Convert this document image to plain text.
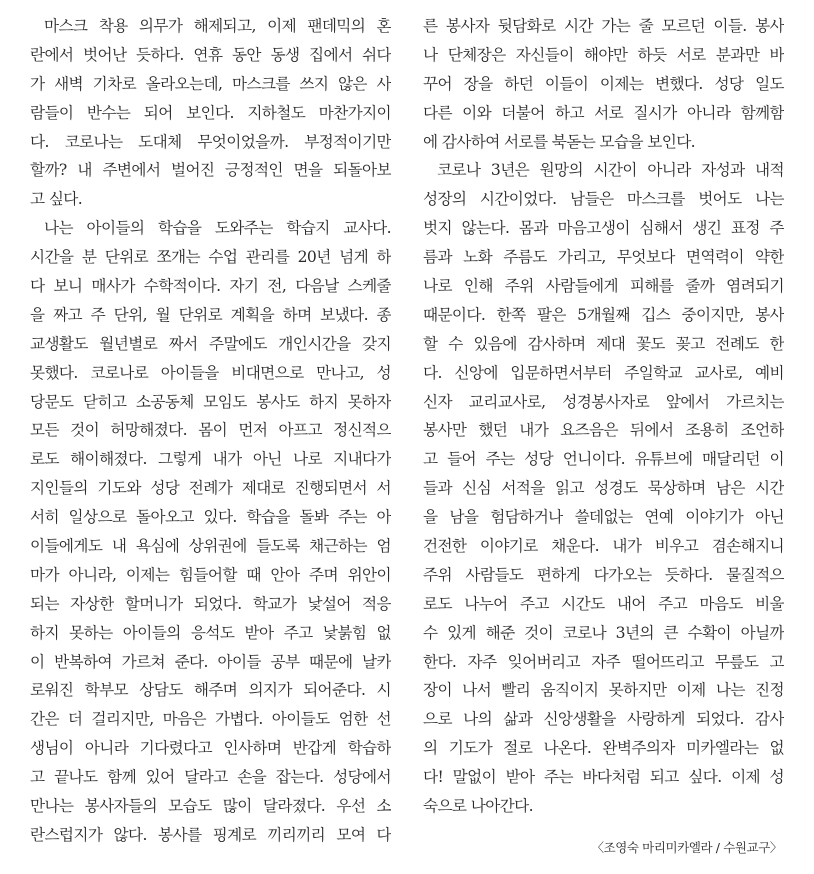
마스크 착용 의무가 해제되고, 이제 팬데믹의 혼
란에서 벗어난 듯하다. 연휴 동안 동생 집에서 쉬다
가 새벽 기차로 올라오는데, 마스크를 쓰지 않은 사
람들이 반수는 되어 보인다. 지하철도 마찬가지이
다. 코로나는 도대체 무엇이었을까. 부정적이기만
할까? 내 주변에서 벌어진 긍정적인 면을 되돌아보
고 싶다.
나는 아이들의 학습을 도와주는 학습지 교사다.
시간을 분 단위로 쪼개는 수업 관리를 20년 넘게 하
다 보니 매사가 수학적이다. 자기 전, 다음날 스케줄
을 짜고 주 단위, 월 단위로 계획을 하며 보냈다. 종
교생활도 월년별로 짜서 주말에도 개인시간을 갖지
못했다. 코로나로 아이들을 비대면으로 만나고, 성
당문도 닫히고 소공동체 모임도 봉사도 하지 못하자
모든 것이 허망해졌다. 몸이 먼저 아프고 정신적으
로도 해이해졌다. 그렇게 내가 아닌 나로 지내다가
지인들의 기도와 성당 전례가 제대로 진행되면서 서
서히 일상으로 돌아오고 있다. 학습을 돌봐 주는 아
이들에게도 내 욕심에 상위권에 들도록 채근하는 엄
마가 아니라, 이제는 힘들어할 때 안아 주며 위안이
되는 자상한 할머니가 되었다. 학교가 낯설어 적응
하지 못하는 아이들의 응석도 받아 주고 낯붉힘 없
이 반복하여 가르쳐 준다. 아이들 공부 때문에 날카
로워진 학부모 상담도 해주며 의지가 되어준다. 시
간은 더 걸리지만, 마음은 가볍다. 아이들도 엄한 선
생님이 아니라 기다렸다고 인사하며 반갑게 학습하
고 끝나도 함께 있어 달라고 손을 잡는다. 성당에서
만나는 봉사자들의 모습도 많이 달라졌다. 우선 소
란스럽지가 않다. 봉사를 핑계로 끼리끼리 모여 다
른 봉사자 뒷담화로 시간 가는 줄 모르던 이들. 봉사
나 단체장은 자신들이 해야만 하듯 서로 분과만 바
꾸어 장을 하던 이들이 이제는 변했다. 성당 일도
다른 이와 더불어 하고 서로 질시가 아니라 함께함
에 감사하여 서로를 북돋는 모습을 보인다.
코로나 3년은 원망의 시간이 아니라 자성과 내적
성장의 시간이었다. 남들은 마스크를 벗어도 나는
벗지 않는다. 몸과 마음고생이 심해서 생긴 표정 주
름과 노화 주름도 가리고, 무엇보다 면역력이 약한
나로 인해 주위 사람들에게 피해를 줄까 염려되기
때문이다. 한쪽 팔은 5개월째 깁스 중이지만, 봉사
할 수 있음에 감사하며 제대 꽃도 꽂고 전례도 한
다. 신앙에 입문하면서부터 주일학교 교사로, 예비
신자 교리교사로, 성경봉사자로 앞에서 가르치는
봉사만 했던 내가 요즈음은 뒤에서 조용히 조언하
고 들어 주는 성당 언니이다. 유튜브에 매달리던 이
들과 신심 서적을 읽고 성경도 묵상하며 남은 시간
을 남을 험담하거나 쓸데없는 연예 이야기가 아닌
건전한 이야기로 채운다. 내가 비우고 겸손해지니
주위 사람들도 편하게 다가오는 듯하다. 물질적으
로도 나누어 주고 시간도 내어 주고 마음도 비울
수 있게 해준 것이 코로나 3년의 큰 수확이 아닐까
한다. 자주 잊어버리고 자주 떨어뜨리고 무릎도 고
장이 나서 빨리 움직이지 못하지만 이제 나는 진정
으로 나의 삶과 신앙생활을 사랑하게 되었다. 감사
의 기도가 절로 나온다. 완벽주의자 미카엘라는 없
다! 말없이 받아 주는 바다처럼 되고 싶다. 이제 성
숙으로 나아간다.
〈조영숙 마리미카엘라 / 수원교구〉
